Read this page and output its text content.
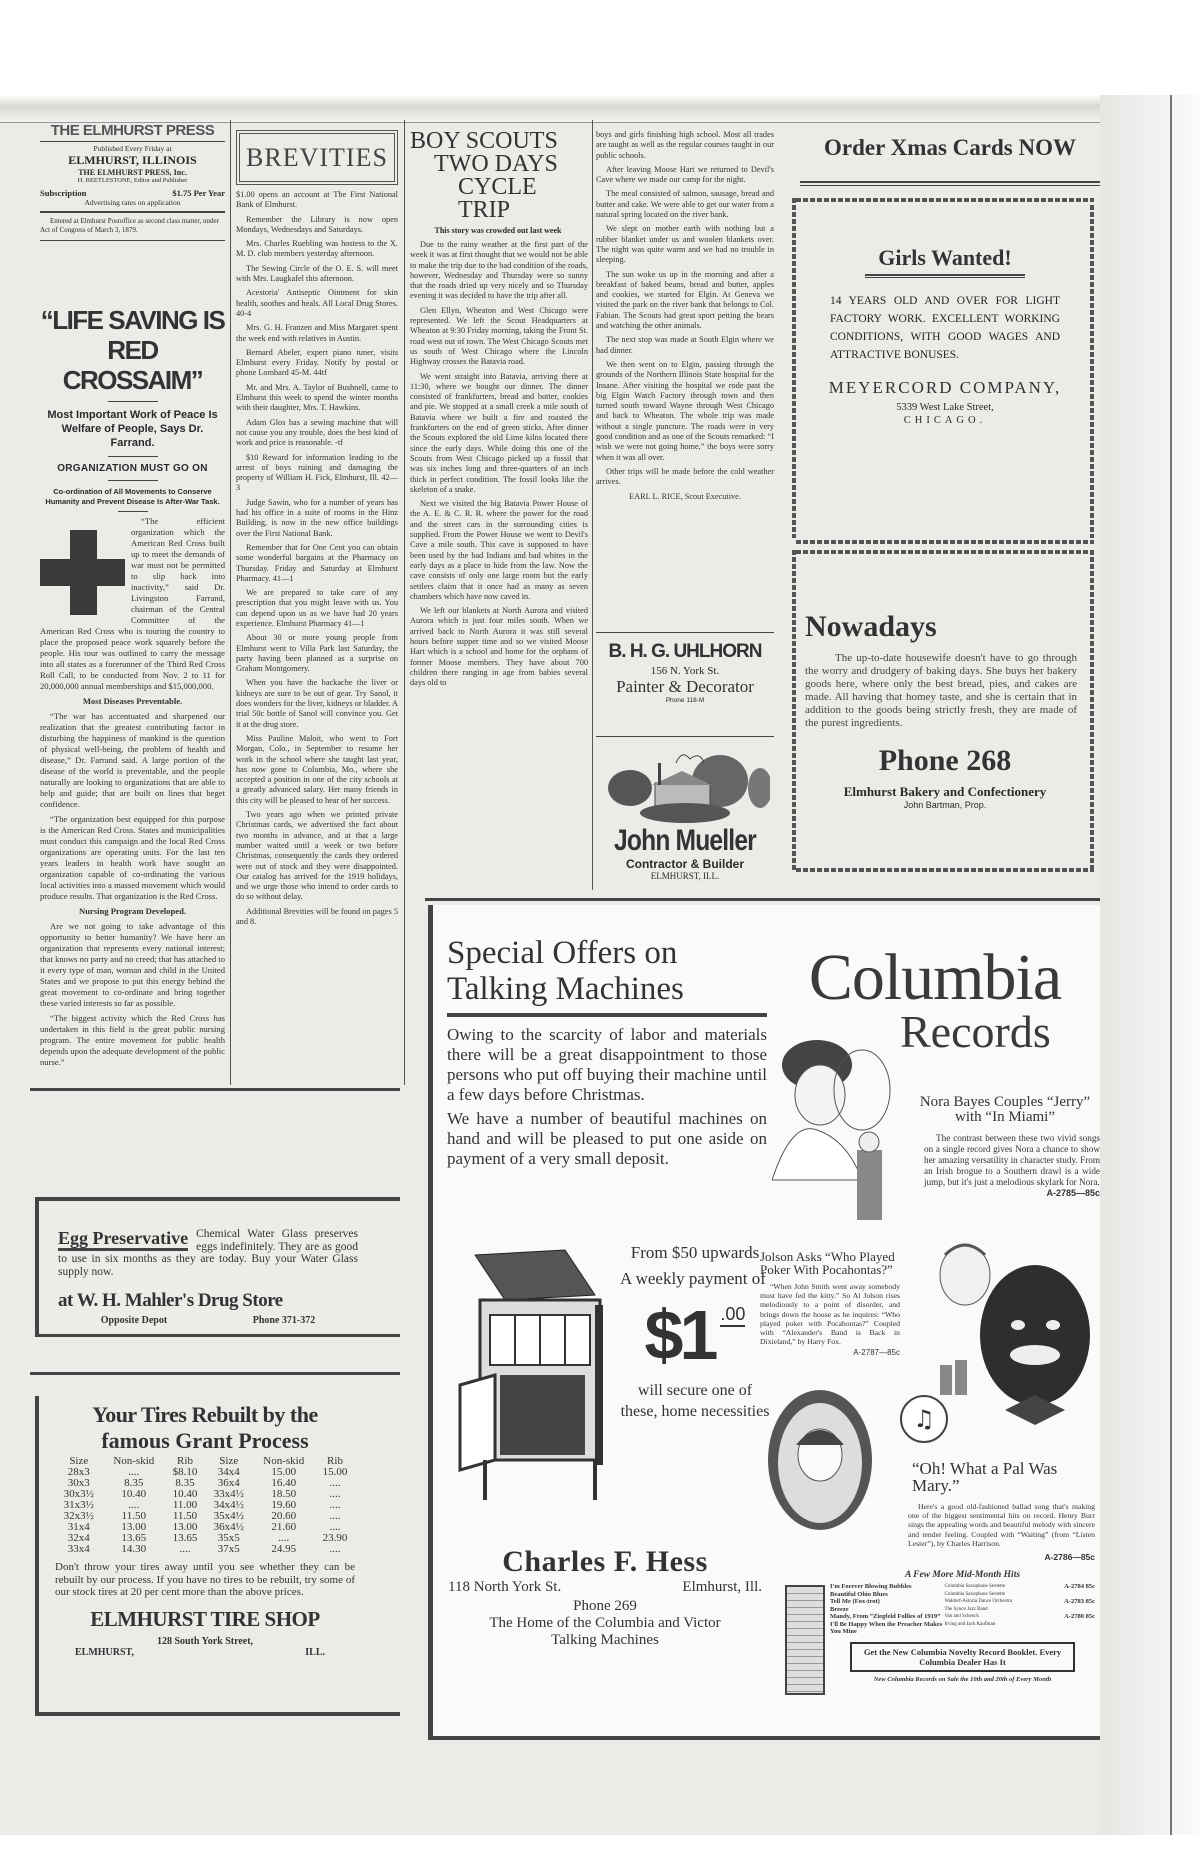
THE ELMHURST PRESS
Published Every Friday at
ELMHURST, ILLINOIS
THE ELMHURST PRESS, Inc.
H. BEETLESTONE, Editor and Publisher
Subscription	$1.75 Per Year
Advertising rates on application
Entered at Elmhurst Postoffice as second class matter, under Act of Congress of March 3, 1879.
“LIFE SAVING IS RED CROSSAIM”
Most Important Work of Peace Is Welfare of People, Says Dr. Farrand.
ORGANIZATION MUST GO ON
Co-ordination of All Movements to Conserve Humanity and Prevent Disease Is After-War Task.

“The efficient organization which the American Red Cross built up to meet the demands of war must not be permitted to slip back into inactivity,” said Dr. Livingston Farrand, chairman of the Central Committee of the American Red Cross who is touring the country to place the proposed peace work squarely before the people. His tour was outlined to carry the message into all states as a forerunner of the Third Red Cross Roll Call, to be conducted from Nov. 2 to 11 for 20,000,000 annual memberships and $15,000,000.

Most Diseases Preventable.

“The war has accentuated and sharpened our realization that the greatest contributing factor in disturbing the happiness of mankind is the question of physical well-being, the problem of health and disease,” Dr. Farrand said. A large portion of the disease of the world is preventable, and the people naturally are looking to organizations that are able to help and guide; that are built on lines that beget confidence.

“The organization best equipped for this purpose is the American Red Cross. States and municipalities must conduct this campaign and the local Red Cross organizations are operating units. For the last ten years leaders in health work have sought an organization capable of co-ordinating the various local activities into a massed movement which would produce results. That organization is the Red Cross.

Nursing Program Developed.

Are we not going to take advantage of this opportunity to better humanity? We have here an organization that represents every national interest; that knows no party and no creed; that has attached to it every type of man, woman and child in the United States and we propose to put this energy behind the great movement to co-ordinate and bring together these varied interests so far as possible.

“The biggest activity which the Red Cross has undertaken in this field is the great public nursing program. The entire movement for public health depends upon the adequate development of the public nurse.”

BREVITIES

$1.00 opens an account at The First National Bank of Elmhurst.

Remember the Library is now open Mondays, Wednesdays and Saturdays.

Mrs. Charles Ruebling was hostess to the X. M. D. club members yesterday afternoon.

The Sewing Circle of the O. E. S. will meet with Mrs. Laugkafel this afternoon.

Acestoria' Antiseptic Ointment for skin health, soothes and heals. All Local Drug Stores. 40-4

Mrs. G. H. Franzen and Miss Margaret spent the week end with relatives in Austin.

Bernard Abeler, expert piano tuner, visits Elmhurst every Friday. Notify by postal or phone Lombard 45-M. 44tf

Mr. and Mrs. A. Taylor of Bushnell, came to Elmhurst this week to spend the winter months with their daughter, Mrs. T. Hawkins.

Adam Glos has a sewing machine that will not cause you any trouble, does the best kind of work and price is reasonable. -tf

$10 Reward for information leading to the arrest of boys ruining and damaging the property of William H. Fick, Elmhurst, Ill. 42—3

Judge Sawin, who for a number of years has had his office in a suite of rooms in the Hinz Building, is now in the new office buildings over the First National Bank.

Remember that for One Cent you can obtain some wonderful bargains at the Pharmacy on Thursday. Friday and Saturday at Elmhurst Pharmacy. 41—1

We are prepared to take care of any prescription that you might leave with us. You can depend upon us as we have had 20 years experience. Elmhurst Pharmacy 41—1

About 30 or more young people from Elmhurst went to Villa Park last Saturday, the party having been planned as a surprise on Graham Montgomery.

When you have the backache the liver or kidneys are sure to be out of gear. Try Sanol, it does wonders for the liver, kidneys or bladder. A trial 50c bottle of Sanol will convince you. Get it at the drug store.

Miss Pauline Maloit, who went to Fort Morgan, Colo., in September to resume her work in the school where she taught last year, has now gone to Columbia, Mo., where she accepted a position in one of the city schools at a greatly advanced salary. Her many friends in this city will be pleased to hear of her success.

Two years ago when we printed private Christmas cards, we advertised the fact about two months in advance, and at that a large number waited until a week or two before Christmas, consequently the cards they ordered were out of stock and they were disappointed. Our catalog has arrived for the 1919 holidays, and we urge those who intend to order cards to do so without delay.

Additional Brevities will be found on pages 5 and 8.

BOY SCOUTS
TWO DAYS
CYCLE TRIP
This story was crowded out last week

Due to the rainy weather at the first part of the week it was at first thought that we would not be able to make the trip due to the bad condition of the roads, however, Wednesday and Thursday were so sunny that the roads dried up very nicely and so Thursday evening it was decided to have the trip after all.

Glen Ellyn, Wheaton and West Chicago were represented. We left the Scout Headquarters at Wheaton at 9:30 Friday morning, taking the Front St. road west out of town. The West Chicago Scouts met us south of West Chicago where the Lincoln Highway crosses the Batavia road.

We went straight into Batavia, arriving there at 11:30, where we bought our dinner. The dinner consisted of frankfurters, bread and butter, cookies and pie. We stopped at a small creek a mile south of Batavia where we built a fire and roasted the frankfurters on the end of green sticks. After dinner the Scouts explored the old Lime kilns located there since the early days. While doing this one of the Scouts from West Chicago picked up a fossil that was six inches long and three-quarters of an inch thick in perfect condition. The fossil looks like the skeleton of a snake.

Next we visited the big Batavia Power House of the A. E. & C. R. R. where the power for the road and the street cars in the surrounding cities is supplied. From the Power House we went to Devil's Cave a mile south. This cave is supposed to have been used by the bad Indians and bad whites in the early days as a place to hide from the law. Now the cave consists of only one large room but the early settlers claim that it once had as many as seven chambers which have now caved in.

We left our blankets at North Aurora and visited Aurora which is just four miles south. When we arrived back to North Aurora it was still several hours before supper time and so we visited Moose Hart which is a school and home for the orphans of former Moose members. They have about 700 children there ranging in age from babies several days old to

boys and girls finishing high school. Most all trades are taught as well as the regular courses taught in our public schools.

After leaving Moose Hart we returned to Devil's Cave where we made our camp for the night.

The meal consisted of salmon, sausage, bread and butter and cake. We were able to get our water from a natural spring located on the river bank.

We slept on mother earth with nothing but a rubber blanket under us and woolen blankets over. The night was quite warm and we had no trouble in sleeping.

The sun woke us up in the morning and after a breakfast of baked beans, bread and butter, apples and cookies, we started for Elgin. At Geneva we visited the park on the river bank that belongs to Col. Fabian. The Scouts had great sport petting the bears and watching the other animals.

The next stop was made at South Elgin where we had dinner.

We then went on to Elgin, passing through the grounds of the Northern Illinois State hospital for the Insane. After visiting the hospital we rode past the big Elgin Watch Factory through town and then turned south toward Wayne through West Chicago and back to Wheaton. The whole trip was made without a single puncture. The roads were in very good condition and as one of the Scouts remarked: “I wish we were not going home,” the boys were sorry when it was all over.

Other trips will be made before the cold weather arrives.

EARL L. RICE, Scout Executive.

B. H. G. UHLHORN
156 N. York St.
Painter & Decorator
Phone 118-M
John Mueller
Contractor & Builder
ELMHURST, ILL.
Order Xmas Cards NOW
Girls Wanted!
14 YEARS OLD AND OVER FOR LIGHT FACTORY WORK. EXCELLENT WORKING CONDITIONS, WITH GOOD WAGES AND ATTRACTIVE BONUSES.
MEYERCORD COMPANY,
5339 West Lake Street,
CHICAGO.
Nowadays
The up-to-date housewife doesn't have to go through the worry and drudgery of baking days. She buys her bakery goods here, where only the best bread, pies, and cakes are made. All having that homey taste, and she is certain that in addition to the goods being strictly fresh, they are made of the purest ingredients.
Phone 268
Elmhurst Bakery and Confectionery
John Bartman, Prop.
Egg Preservative Chemical Water Glass preserves eggs indefinitely. They are as good to use in six months as they are today. Buy your Water Glass supply now.
at W. H. Mahler's Drug Store
Opposite Depot	Phone 371-372
Your Tires Rebuilt by the
famous Grant Process
Size	Non-skid	Rib	Size	Non-skid	Rib
28x3	....	$8.10	34x4	15.00	15.00
30x3	8.35	8.35	36x4	16.40	....
30x3½	10.40	10.40	33x4½	18.50	....
31x3½	....	11.00	34x4½	19.60	....
32x3½	11.50	11.50	35x4½	20.60	....
31x4	13.00	13.00	36x4½	21.60	....
32x4	13.65	13.65	35x5	....	23.90
33x4	14.30	....	37x5	24.95	....
Don't throw your tires away until you see whether they can be rebuilt by our process. If you have no tires to be rebuilt, try some of our stock tires at 20 per cent more than the above prices.
ELMHURST TIRE SHOP
128 South York Street,
ELMHURST,	ILL.
Special Offers on
Talking Machines
Owing to the scarcity of labor and materials there will be a great disappointment to those persons who put off buying their machine until a few days before Christmas.
We have a number of beautiful machines on hand and will be pleased to put one aside on payment of a very small deposit.
From $50 upwards
A weekly payment of
$1 .00
will secure one of these, home necessities
Charles F. Hess
118 North York St.	Elmhurst, Ill.
Phone 269
The Home of the Columbia and Victor Talking Machines
Columbia
Records
Nora Bayes Couples “Jerry” with “In Miami”
The contrast between these two vivid songs on a single record gives Nora a chance to show her amazing versatility in character study. From an Irish brogue to a Southern drawl is a wide jump, but it's just a melodious skylark for Nora.
A-2785—85c
Jolson Asks “Who Played Poker With Pocahontas?”
“When John Smith went away somebody must have fed the kitty.” So Al Jolson rises melodiously to a point of disorder, and brings down the house as he inquires: “Who played poker with Pocahontas?” Coupled with “Alexander's Band is Back in Dixieland,” by Harry Fox.
A-2787—85c
♫
“Oh! What a Pal Was Mary.”
Here's a good old-fashioned ballad song that's making one of the biggest sentimental hits on record. Henry Burr sings the appealing words and beautiful melody with sincere and tender feeling. Coupled with “Waiting” (from “Listen Lester”), by Charles Harrison.
A-2786—85c
A Few More Mid-Month Hits
I'm Forever Blowing Bubbles	Columbia Saxophone Sextette	A-2784 85c
Beautiful Ohio Blues	Columbia Saxophone Sextette
Tell Me (Fox-trot)	Waldorf-Astoria Dance Orchestra	A-2783 85c
Breeze	The Synco Jazz Band
Mandy, From “Ziegfeld Follies of 1919” Van and Schenck	A-2780 85c
I'll Be Happy When the Preacher Makes You Mine
Irving and Jack Kaufman
Get the New Columbia Novelty Record Booklet. Every Columbia Dealer Has It
New Columbia Records on Sale the 10th and 20th of Every Month
